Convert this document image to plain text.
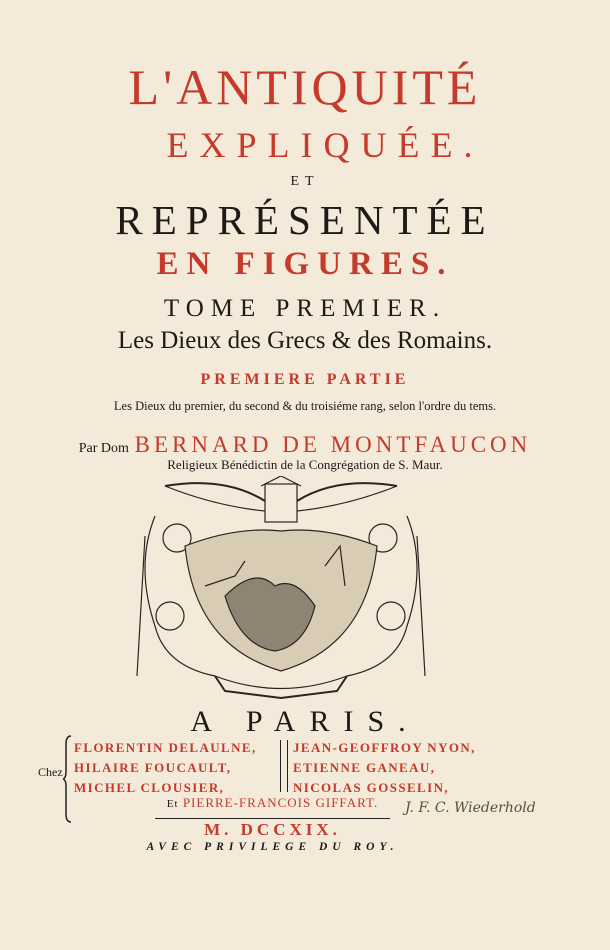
L'ANTIQUITÉ
EXPLIQUÉE.
ET
REPRÉSENTÉE
EN FIGURES.
TOME PREMIER.
Les Dieux des Grecs & des Romains.
PREMIERE PARTIE
Les Dieux du premier, du second & du troisiéme rang, selon l'ordre du tems.
Par Dom BERNARD DE MONTFAUCON
Religieux Bénédictin de la Congrégation de S. Maur.
A PARIS.
Chez
FLORENTIN DELAULNE,
HILAIRE FOUCAULT,
MICHEL CLOUSIER,
JEAN-GEOFFROY NYON,
ETIENNE GANEAU,
NICOLAS GOSSELIN,
Et PIERRE-FRANCOIS GIFFART.	J. F. C. Wiederhold
M. DCCXIX.
AVEC PRIVILEGE DU ROY.
